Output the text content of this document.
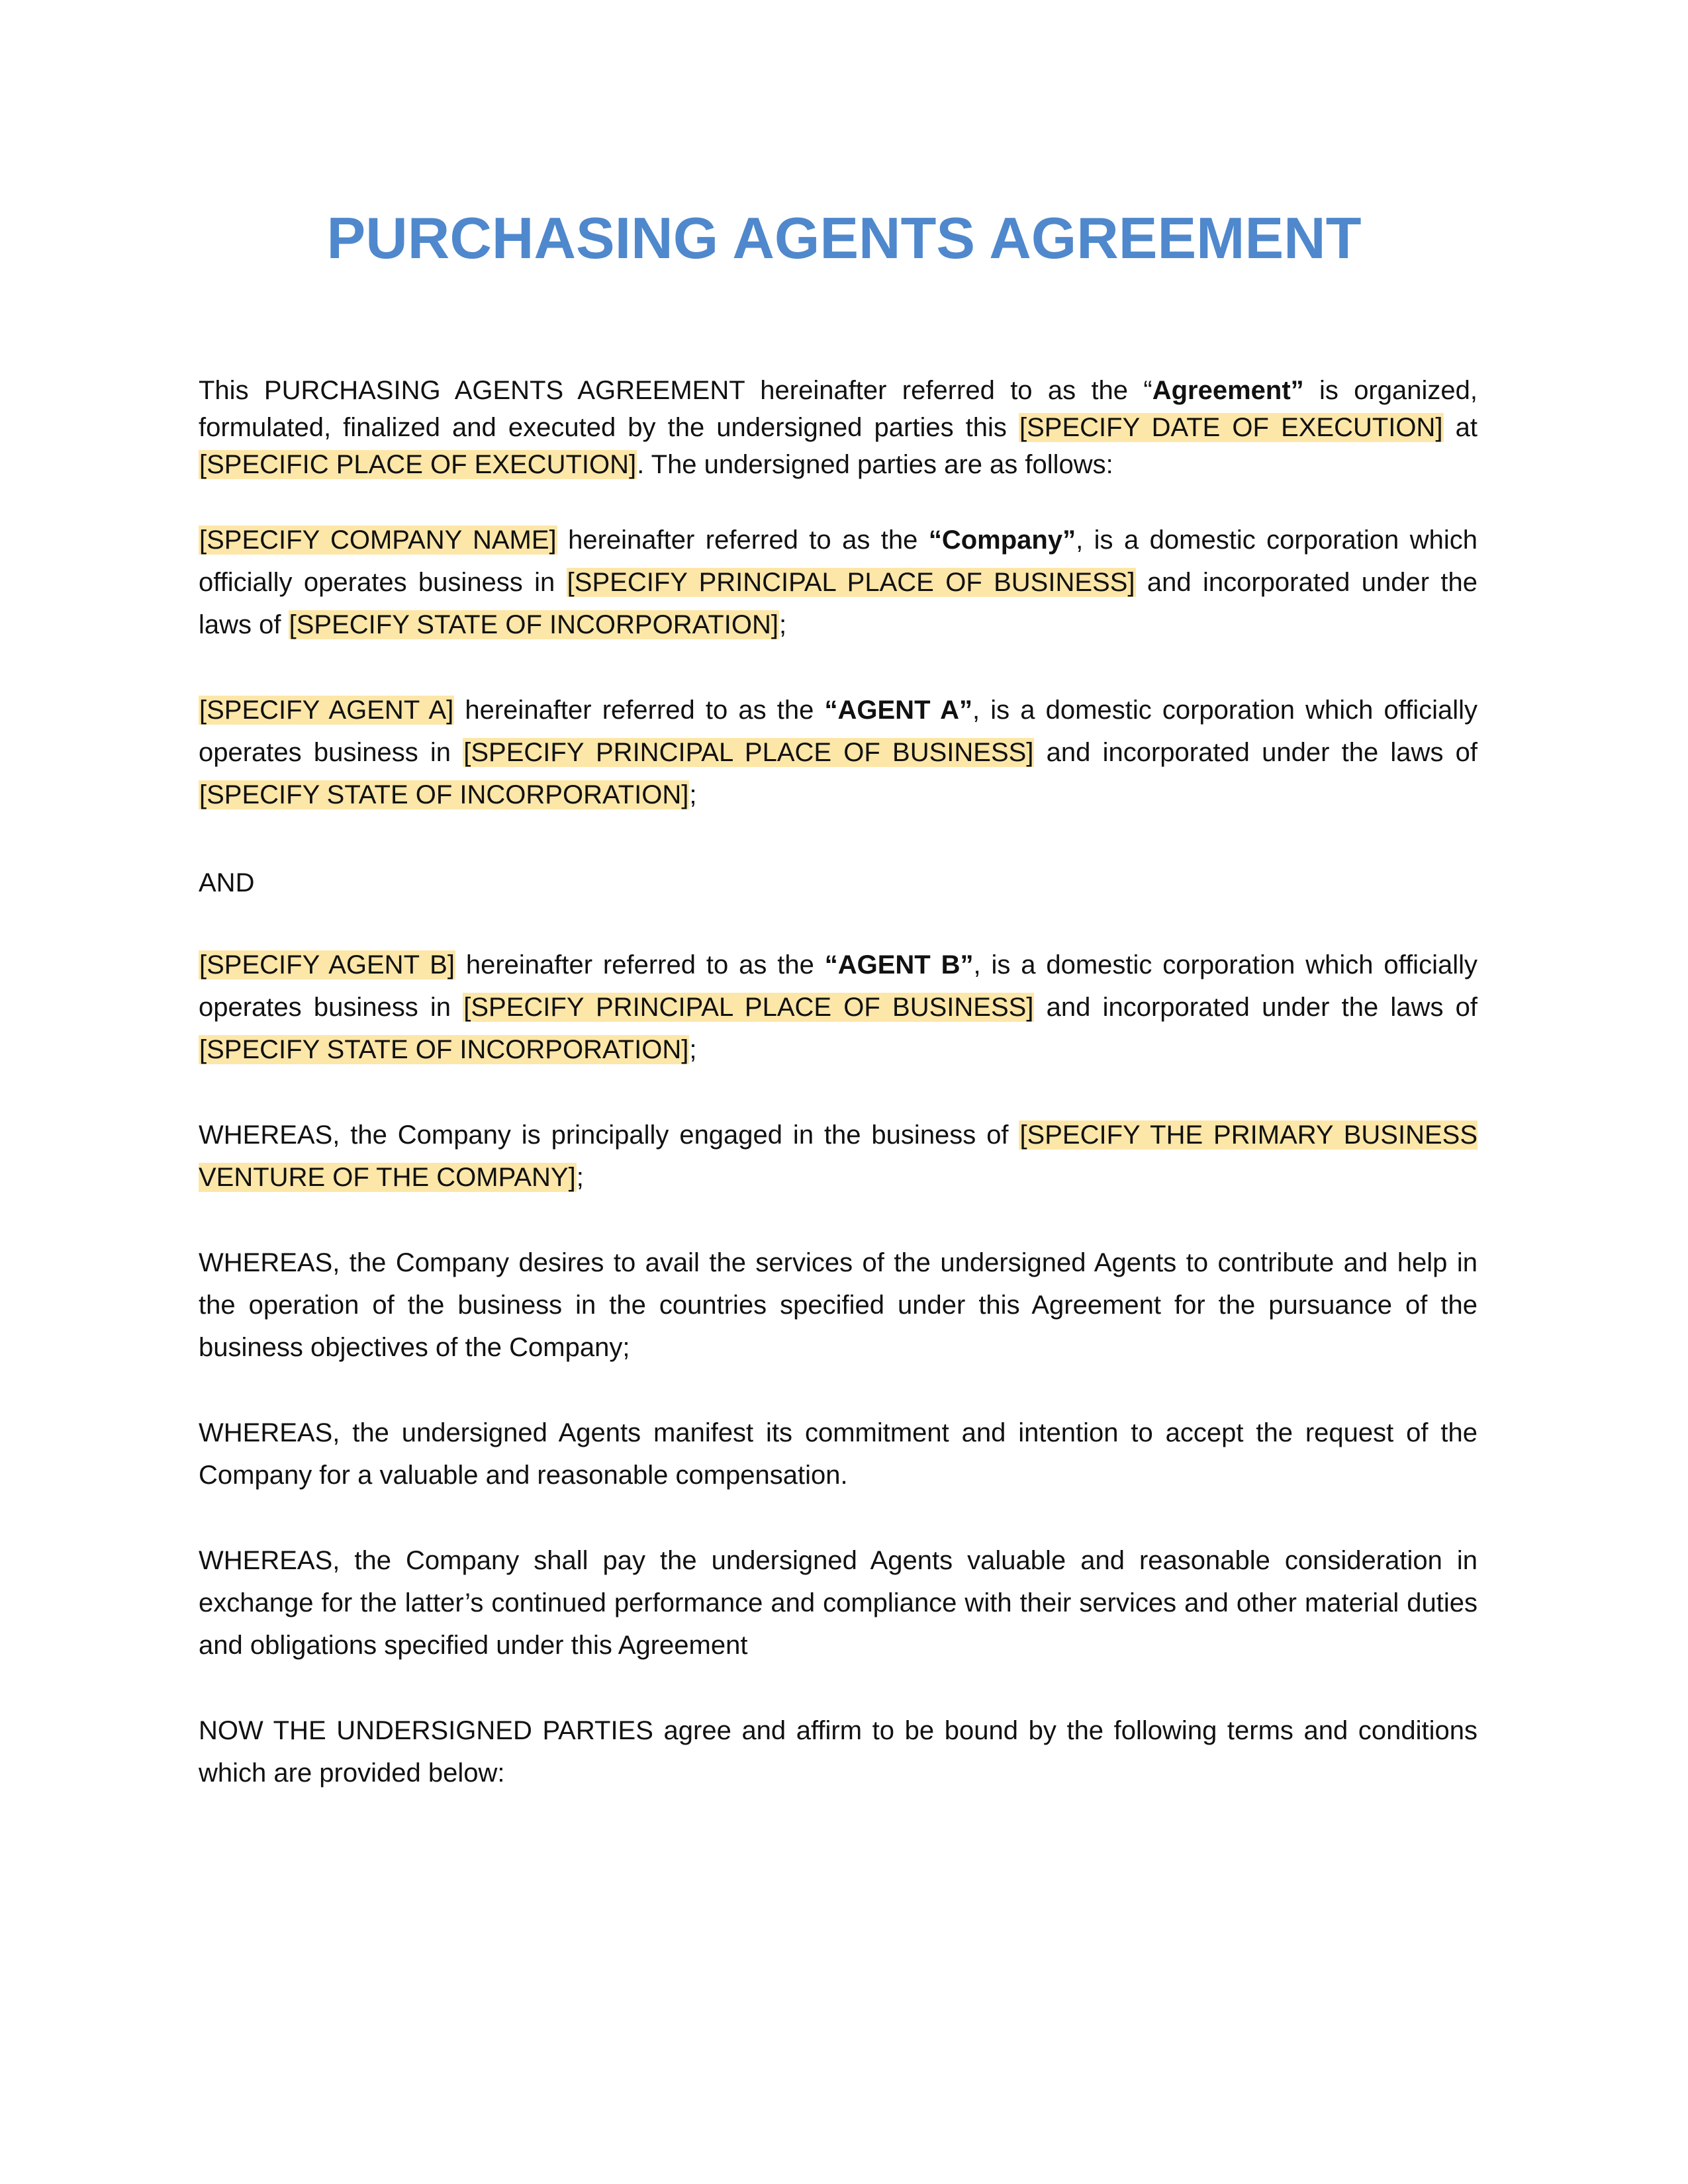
PURCHASING AGENTS AGREEMENT

This PURCHASING AGENTS AGREEMENT hereinafter referred to as the “Agreement” is organized, formulated, finalized and executed by the undersigned parties this [SPECIFY DATE OF EXECUTION] at [SPECIFIC PLACE OF EXECUTION]. The undersigned parties are as follows:

[SPECIFY COMPANY NAME] hereinafter referred to as the “Company”, is a domestic corporation which officially operates business in [SPECIFY PRINCIPAL PLACE OF BUSINESS] and incorporated under the laws of [SPECIFY STATE OF INCORPORATION];

[SPECIFY AGENT A] hereinafter referred to as the “AGENT A”, is a domestic corporation which officially operates business in [SPECIFY PRINCIPAL PLACE OF BUSINESS] and incorporated under the laws of [SPECIFY STATE OF INCORPORATION];

AND

[SPECIFY AGENT B] hereinafter referred to as the “AGENT B”, is a domestic corporation which officially operates business in [SPECIFY PRINCIPAL PLACE OF BUSINESS] and incorporated under the laws of [SPECIFY STATE OF INCORPORATION];

WHEREAS, the Company is principally engaged in the business of [SPECIFY THE PRIMARY BUSINESS VENTURE OF THE COMPANY];

WHEREAS, the Company desires to avail the services of the undersigned Agents to contribute and help in the operation of the business in the countries specified under this Agreement for the pursuance of the business objectives of the Company;

WHEREAS, the undersigned Agents manifest its commitment and intention to accept the request of the Company for a valuable and reasonable compensation.

WHEREAS, the Company shall pay the undersigned Agents valuable and reasonable consideration in exchange for the latter’s continued performance and compliance with their services and other material duties and obligations specified under this Agreement

NOW THE UNDERSIGNED PARTIES agree and affirm to be bound by the following terms and conditions which are provided below:
